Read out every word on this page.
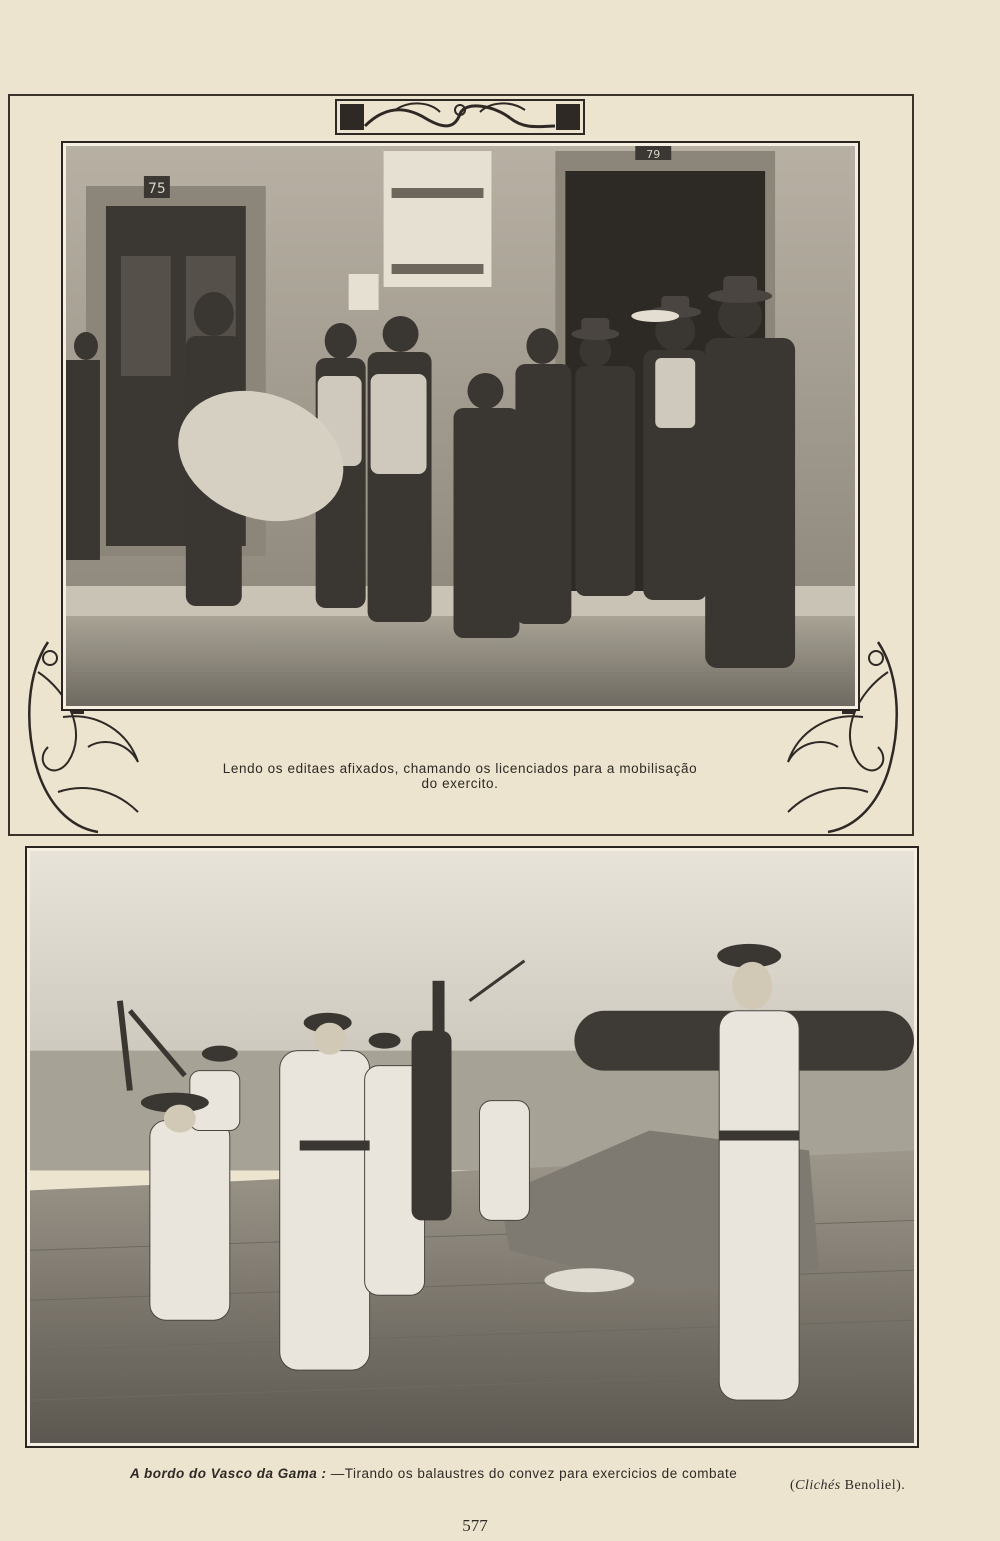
75
79
Lendo os editaes afixados, chamando os licenciados para a mobilisação
do exercito.
A bordo do Vasco da Gama : —Tirando os balaustres do convez para exercicios de combate
(Clichés Benoliel).
577
